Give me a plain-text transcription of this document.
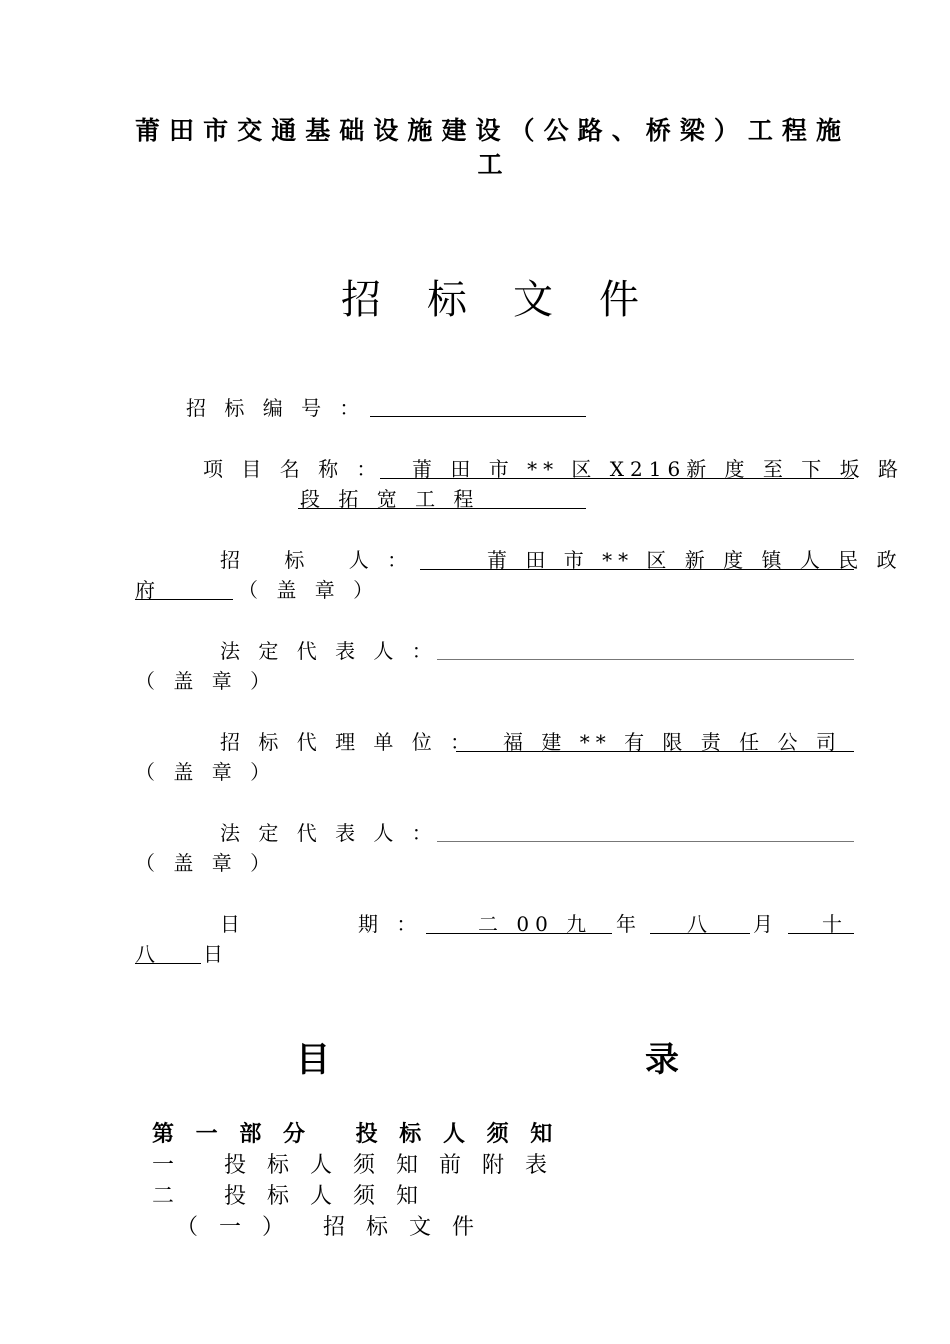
莆田市交通基础设施建设（公路、桥梁）工程施
工
招标文件
招 标 编 号 ：
项 目 名 称 ： 莆 田 市 ** 区 X216新 度 至 下 坂 路
段 拓 宽 工 程
招　 标　 人 ：	莆 田 市 ** 区 新 度 镇 人 民 政
府	（ 盖 章 ）
法 定 代 表 人 ：
（ 盖 章 ）
招 标 代 理 单 位 ： 福 建 ** 有 限 责 任 公 司
（ 盖 章 ）
法 定 代 表 人 ：
（ 盖 章 ）
日	期 ：	二 00 九 年 八 月 十
八 日
目	录
第 一 部 分　 投 标 人 须 知
一　 投 标 人 须 知 前 附 表
二　 投 标 人 须 知
（ 一 ）　 招 标 文 件
